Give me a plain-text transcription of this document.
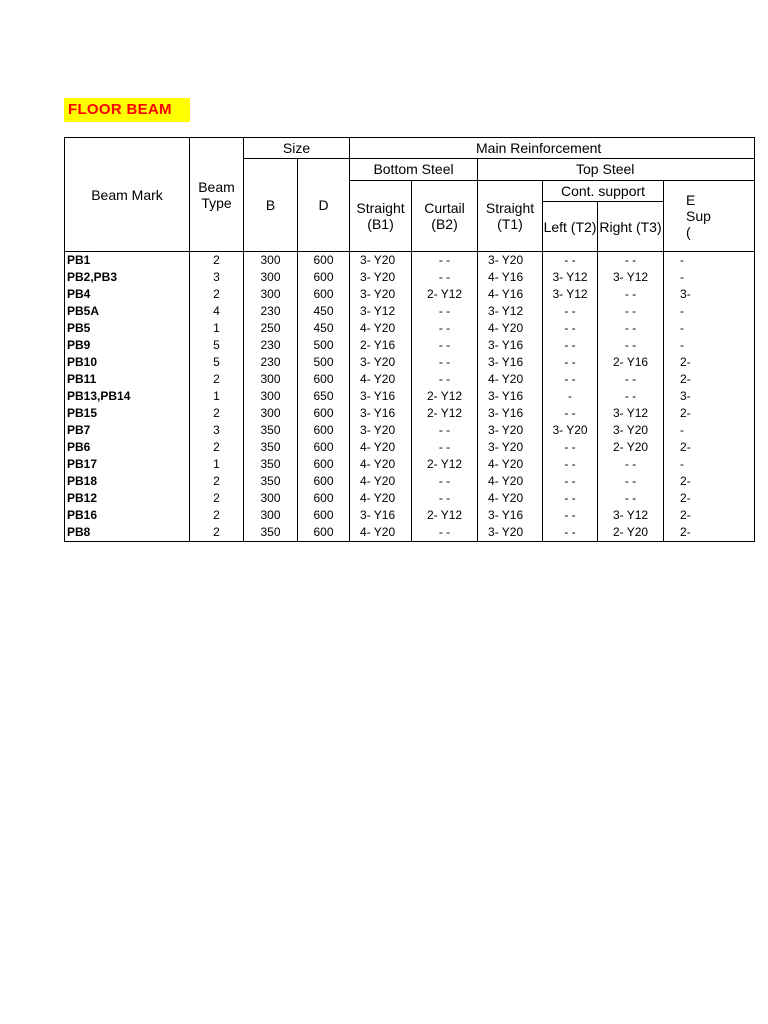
FLOOR BEAM
Beam Mark	Beam Type	Size		Main Reinforcement					
		B	D	Bottom Steel		Top Steel			
				Straight (B1)	Curtail (B2)	Straight (T1)	Cont. support		E
Sup
(
							Left (T2)	Right (T3)	
PB1	2	300	600	3- Y20	- -	3- Y20	- -	- -	-
PB2,PB3	3	300	600	3- Y20	- -	4- Y16	3- Y12	3- Y12	-
PB4	2	300	600	3- Y20	2- Y12	4- Y16	3- Y12	- -	3-
PB5A	4	230	450	3- Y12	- -	3- Y12	- -	- -	-
PB5	1	250	450	4- Y20	- -	4- Y20	- -	- -	-
PB9	5	230	500	2- Y16	- -	3- Y16	- -	- -	-
PB10	5	230	500	3- Y20	- -	3- Y16	- -	2- Y16	2-
PB11	2	300	600	4- Y20	- -	4- Y20	- -	- -	2-
PB13,PB14	1	300	650	3- Y16	2- Y12	3- Y16	-	- -	3-
PB15	2	300	600	3- Y16	2- Y12	3- Y16	- -	3- Y12	2-
PB7	3	350	600	3- Y20	- -	3- Y20	3- Y20	3- Y20	-
PB6	2	350	600	4- Y20	- -	3- Y20	- -	2- Y20	2-
PB17	1	350	600	4- Y20	2- Y12	4- Y20	- -	- -	-
PB18	2	350	600	4- Y20	- -	4- Y20	- -	- -	2-
PB12	2	300	600	4- Y20	- -	4- Y20	- -	- -	2-
PB16	2	300	600	3- Y16	2- Y12	3- Y16	- -	3- Y12	2-
PB8	2	350	600	4- Y20	- -	3- Y20	- -	2- Y20	2-
